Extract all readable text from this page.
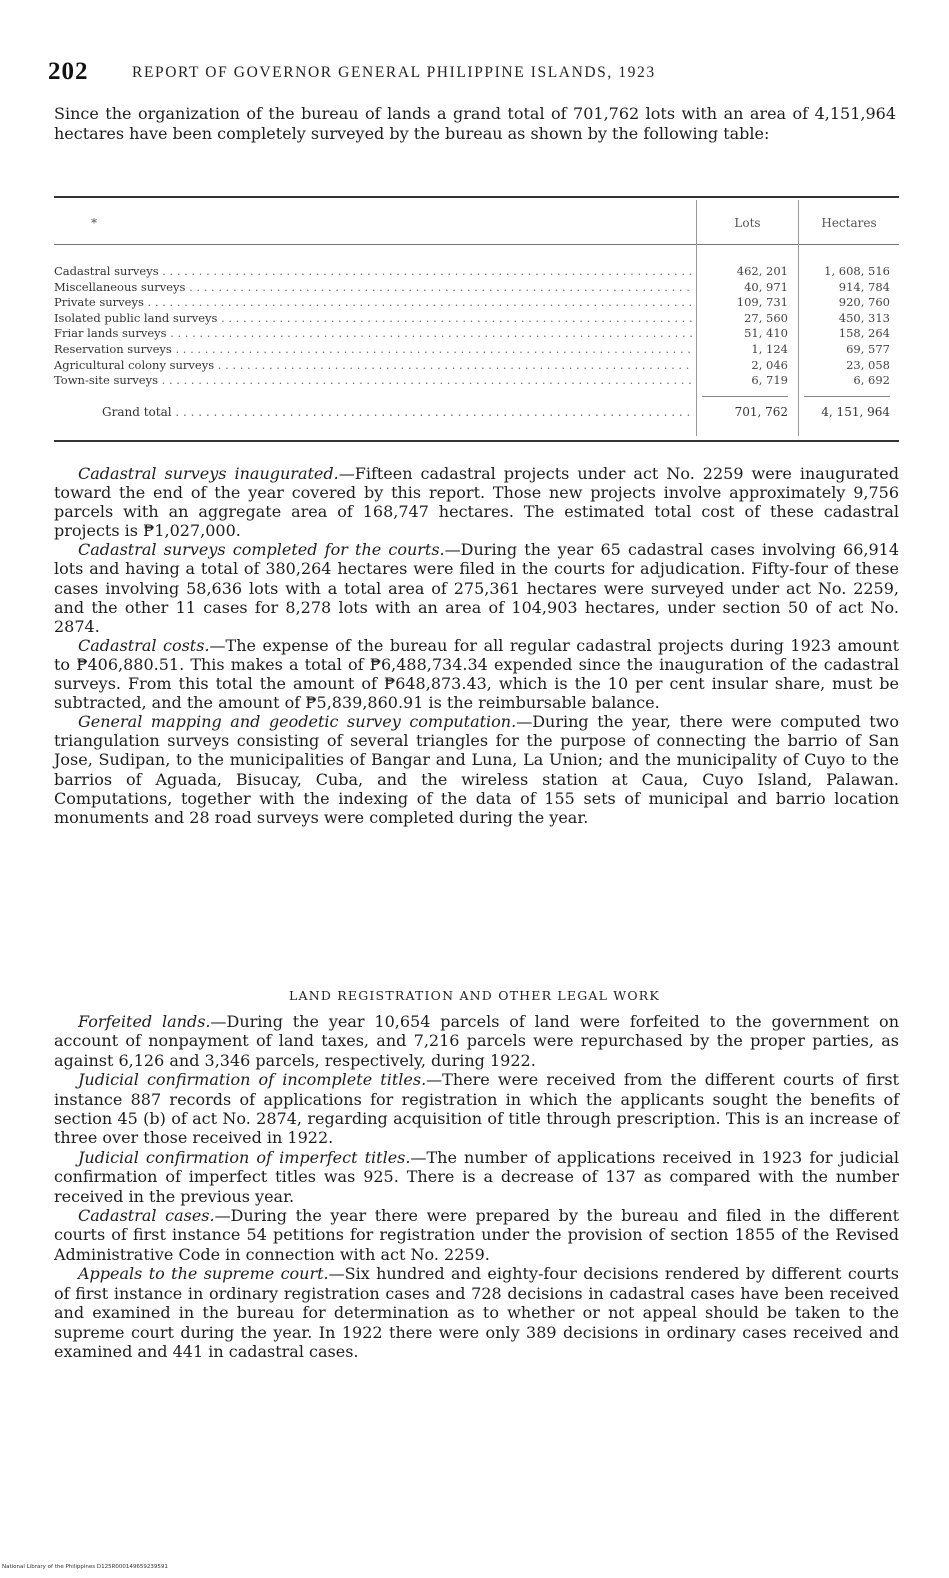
202	REPORT OF GOVERNOR GENERAL PHILIPPINE ISLANDS, 1923
Since the organization of the bureau of lands a grand total of 701,762 lots with an area of 4,151,964 hectares have been completely surveyed by the bureau as shown by the following table:
*	Lots	Hectares
Cadastral surveys . . .	462, 201	1, 608, 516
Miscellaneous surveys . . .	40, 971	914, 784
Private surveys . . .	109, 731	920, 760
Isolated public land surveys . . .	27, 560	450, 313
Friar lands surveys . . .	51, 410	158, 264
Reservation surveys . . .	1, 124	69, 577
Agricultural colony surveys . . .	2, 046	23, 058
Town-site surveys . . .	6, 719	6, 692
Grand total . . .	701, 762	4, 151, 964

Cadastral surveys inaugurated.—Fifteen cadastral projects under act No. 2259 were inaugurated toward the end of the year covered by this report. Those new projects involve approximately 9,756 parcels with an aggregate area of 168,747 hectares. The estimated total cost of these cadastral projects is ₱1,027,000.

Cadastral surveys completed for the courts.—During the year 65 cadastral cases involving 66,914 lots and having a total of 380,264 hectares were filed in the courts for adjudication. Fifty-four of these cases involving 58,636 lots with a total area of 275,361 hectares were surveyed under act No. 2259, and the other 11 cases for 8,278 lots with an area of 104,903 hectares, under section 50 of act No. 2874.

Cadastral costs.—The expense of the bureau for all regular cadastral projects during 1923 amount to ₱406,880.51. This makes a total of ₱6,488,734.34 expended since the inauguration of the cadastral surveys. From this total the amount of ₱648,873.43, which is the 10 per cent insular share, must be subtracted, and the amount of ₱5,839,860.91 is the reimbursable balance.

General mapping and geodetic survey computation.—During the year, there were computed two triangulation surveys consisting of several triangles for the purpose of connecting the barrio of San Jose, Sudipan, to the municipalities of Bangar and Luna, La Union; and the municipality of Cuyo to the barrios of Aguada, Bisucay, Cuba, and the wireless station at Caua, Cuyo Island, Palawan. Computations, together with the indexing of the data of 155 sets of municipal and barrio location monuments and 28 road surveys were completed during the year.

LAND REGISTRATION AND OTHER LEGAL WORK

Forfeited lands.—During the year 10,654 parcels of land were forfeited to the government on account of nonpayment of land taxes, and 7,216 parcels were repurchased by the proper parties, as against 6,126 and 3,346 parcels, respectively, during 1922.

Judicial confirmation of incomplete titles.—There were received from the different courts of first instance 887 records of applications for registration in which the applicants sought the benefits of section 45 (b) of act No. 2874, regarding acquisition of title through prescription. This is an increase of three over those received in 1922.

Judicial confirmation of imperfect titles.—The number of applications received in 1923 for judicial confirmation of imperfect titles was 925. There is a decrease of 137 as compared with the number received in the previous year.

Cadastral cases.—During the year there were prepared by the bureau and filed in the different courts of first instance 54 petitions for registration under the provision of section 1855 of the Revised Administrative Code in connection with act No. 2259.

Appeals to the supreme court.—Six hundred and eighty-four decisions rendered by different courts of first instance in ordinary registration cases and 728 decisions in cadastral cases have been received and examined in the bureau for determination as to whether or not appeal should be taken to the supreme court during the year. In 1922 there were only 389 decisions in ordinary cases received and examined and 441 in cadastral cases.

National Library of the Philippines D125R000149659239591
